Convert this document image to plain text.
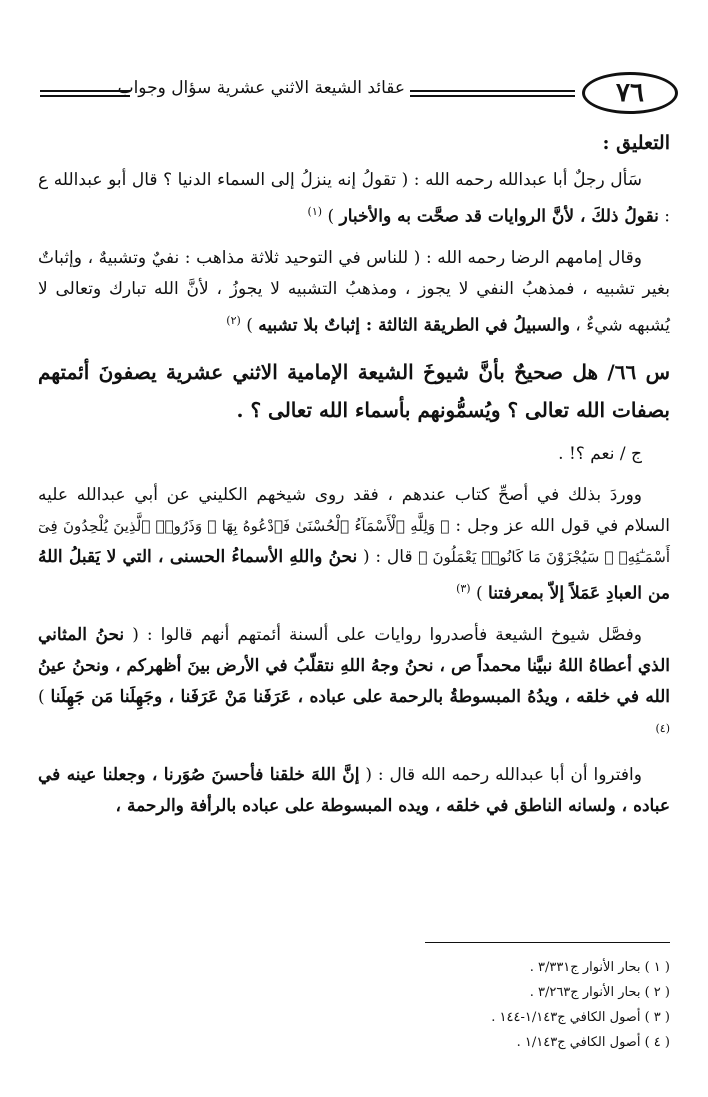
عقائد الشيعة الاثني عشرية سؤال وجواب	٧٦

التعليق :

سَأل رجلٌ أبا عبدالله رحمه الله : ( تقولُ إنه ينزلُ إلى السماء الدنيا ؟ قال أبو عبدالله ع : نقولُ ذلكَ ، لأنَّ الروايات قد صحَّت به والأخبار ) $^{(١)}$

وقال إمامهم الرضا رحمه الله : ( للناس في التوحيد ثلاثة مذاهب : نفيٌ وتشبيهٌ ، وإثباتٌ بغير تشبيه ، فمذهبُ النفي لا يجوز ، ومذهبُ التشبيه لا يجوزُ ، لأنَّ الله تبارك وتعالى لا يُشبهه شيءٌ ، والسبيلُ في الطريقة الثالثة : إثباتٌ بلا تشبيه ) $^{(٢)}$

س ٦٦/ هل صحيحٌ بأنَّ شيوخَ الشيعة الإمامية الاثني عشرية يصفونَ أئمتهم بصفات الله تعالى ؟ ويُسمُّونهم بأسماء الله تعالى ؟ .

ج / نعم ؟! .

ووردَ بذلك في أصحِّ كتاب عندهم ، فقد روى شيخهم الكليني عن أبي عبدالله عليه السلام في قول الله عز وجل : ﴿ وَلِلَّهِ ٱلْأَسْمَآءُ ٱلْحُسْنَىٰ فَٱدْعُوهُ بِهَا ۖ وَذَرُوا۟ ٱلَّذِينَ يُلْحِدُونَ فِىٓ أَسْمَـٰٓئِهِۦ ۚ سَيُجْزَوْنَ مَا كَانُوا۟ يَعْمَلُونَ ﴾ قال : ( نحنُ واللهِ الأسماءُ الحسنى ، التي لا يَقبلُ اللهُ من العبادِ عَمَلاً إلاّ بمعرفتنا ) $^{(٣)}$

وفصَّل شيوخ الشيعة فأصدروا روايات على ألسنة أئمتهم أنهم قالوا : ( نحنُ المثاني الذي أعطاهُ اللهُ نبيَّنا محمداً ص ، نحنُ وجهُ اللهِ نتقلّبُ في الأرض بينَ أظهركم ، ونحنُ عينُ الله في خلقه ، ويدُهُ المبسوطةُ بالرحمة على عباده ، عَرَفَنا مَنْ عَرَفَنا ، وجَهِلَنا مَن جَهِلَنا ) $^{(٤)}$

وافتروا أن أبا عبدالله رحمه الله قال : ( إنَّ اللهَ خلقنا فأحسنَ صُوَرنا ، وجعلنا عينه في عباده ، ولسانه الناطق في خلقه ، ويده المبسوطة على عباده بالرأفة والرحمة ،

( ١ ) بحار الأنوار ج٣/٣٣١ .
( ٢ ) بحار الأنوار ج٣/٢٦٣ .
( ٣ ) أصول الكافي ج١/١٤٣-١٤٤ .
( ٤ ) أصول الكافي ج١/١٤٣ .
